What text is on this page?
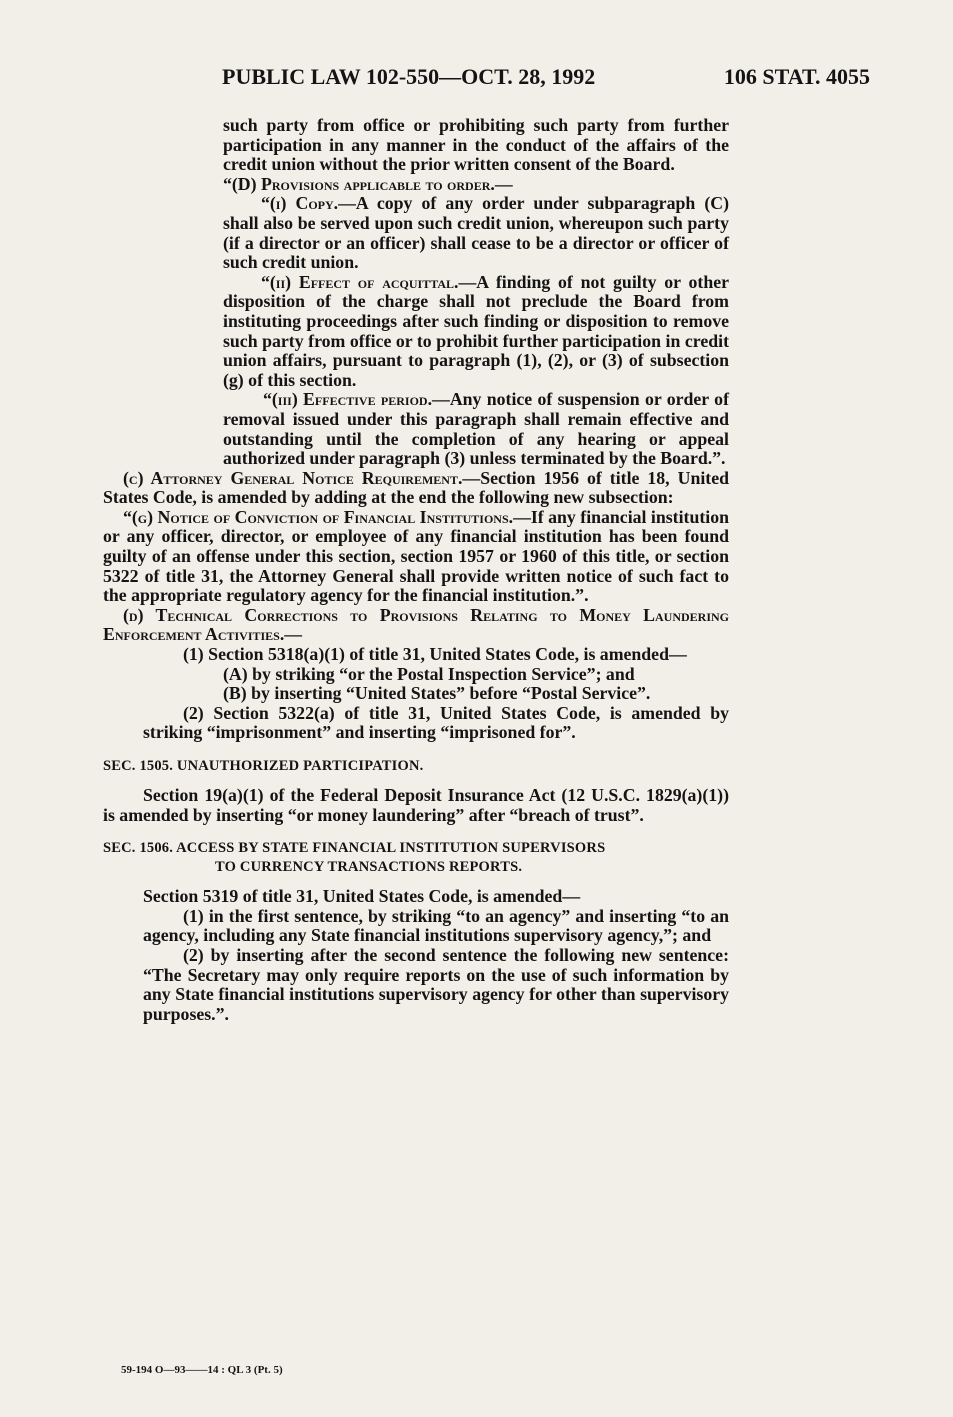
PUBLIC LAW 102-550—OCT. 28, 1992	106 STAT. 4055

such party from office or prohibiting such party from further participation in any manner in the conduct of the affairs of the credit union without the prior written consent of the Board.

“(D) Provisions applicable to order.—

“(i) Copy.—A copy of any order under subparagraph (C) shall also be served upon such credit union, whereupon such party (if a director or an officer) shall cease to be a director or officer of such credit union.

“(ii) Effect of acquittal.—A finding of not guilty or other disposition of the charge shall not preclude the Board from instituting proceedings after such finding or disposition to remove such party from office or to prohibit further participation in credit union affairs, pursuant to paragraph (1), (2), or (3) of subsection (g) of this section.

“(iii) Effective period.—Any notice of suspension or order of removal issued under this paragraph shall remain effective and outstanding until the completion of any hearing or appeal authorized under paragraph (3) unless terminated by the Board.”.

(c) Attorney General Notice Requirement.—Section 1956 of title 18, United States Code, is amended by adding at the end the following new subsection:

“(g) Notice of Conviction of Financial Institutions.—If any financial institution or any officer, director, or employee of any financial institution has been found guilty of an offense under this section, section 1957 or 1960 of this title, or section 5322 of title 31, the Attorney General shall provide written notice of such fact to the appropriate regulatory agency for the financial institution.”.

(d) Technical Corrections to Provisions Relating to Money Laundering Enforcement Activities.—

(1) Section 5318(a)(1) of title 31, United States Code, is amended—

(A) by striking “or the Postal Inspection Service”; and

(B) by inserting “United States” before “Postal Service”.

(2) Section 5322(a) of title 31, United States Code, is amended by striking “imprisonment” and inserting “imprisoned for”.

SEC. 1505. UNAUTHORIZED PARTICIPATION.

Section 19(a)(1) of the Federal Deposit Insurance Act (12 U.S.C. 1829(a)(1)) is amended by inserting “or money laundering” after “breach of trust”.

SEC. 1506. ACCESS BY STATE FINANCIAL INSTITUTION SUPERVISORS
TO CURRENCY TRANSACTIONS REPORTS.

Section 5319 of title 31, United States Code, is amended—

(1) in the first sentence, by striking “to an agency” and inserting “to an agency, including any State financial institutions supervisory agency,”; and

(2) by inserting after the second sentence the following new sentence: “The Secretary may only require reports on the use of such information by any State financial institutions supervisory agency for other than supervisory purposes.”.

59-194 O—93——14 : QL 3 (Pt. 5)
